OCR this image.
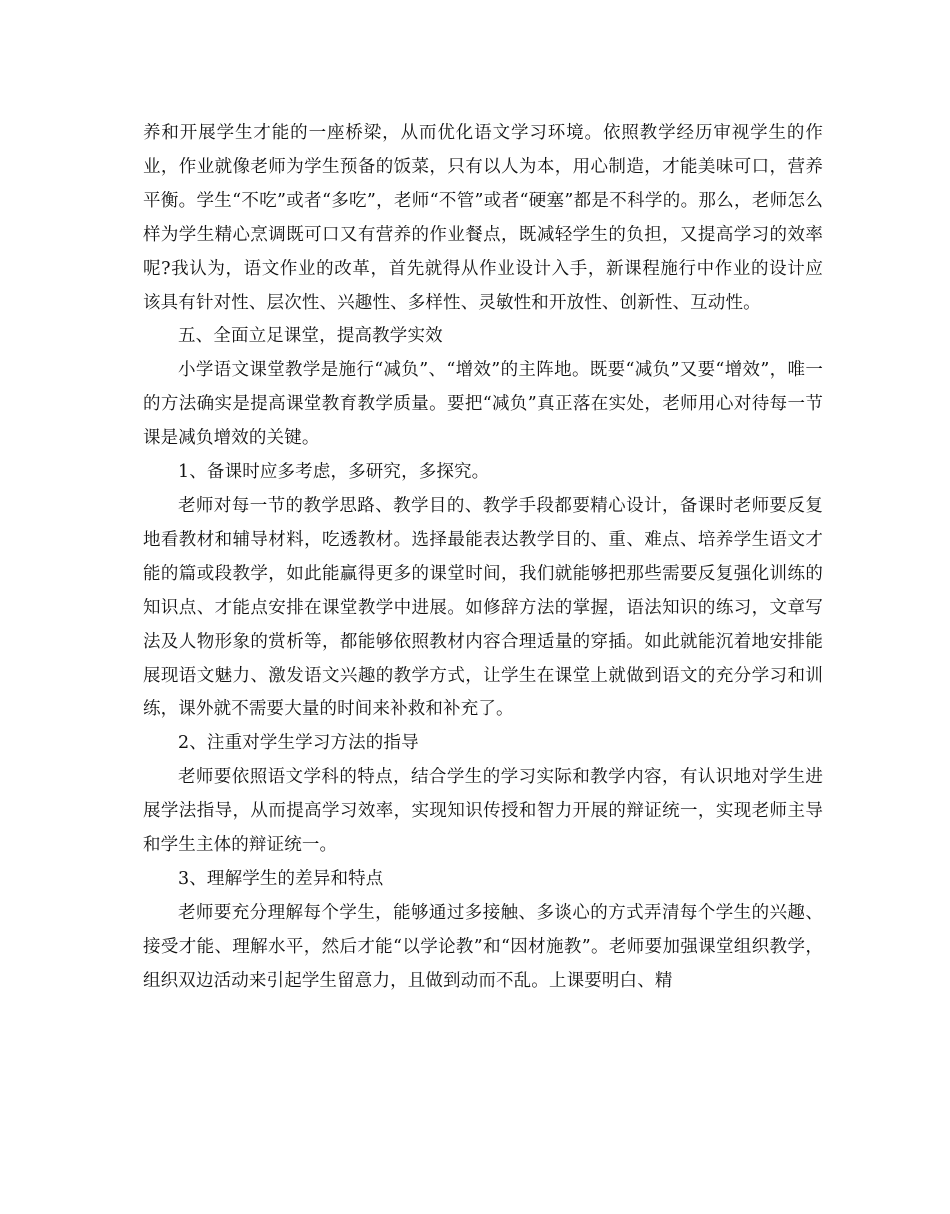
养和开展学生才能的一座桥梁，从而优化语文学习环境。依照教学经历审视学生的作业，作业就像老师为学生预备的饭菜，只有以人为本，用心制造，才能美味可口，营养平衡。学生“不吃”或者“多吃”，老师“不管”或者“硬塞”都是不科学的。那么，老师怎么样为学生精心烹调既可口又有营养的作业餐点，既减轻学生的负担，又提高学习的效率呢?我认为，语文作业的改革，首先就得从作业设计入手，新课程施行中作业的设计应该具有针对性、层次性、兴趣性、多样性、灵敏性和开放性、创新性、互动性。

五、全面立足课堂，提高教学实效

小学语文课堂教学是施行“减负”、“增效”的主阵地。既要“减负”又要“增效”，唯一的方法确实是提高课堂教育教学质量。要把“减负”真正落在实处，老师用心对待每一节课是减负增效的关键。

1、备课时应多考虑，多研究，多探究。

老师对每一节的教学思路、教学目的、教学手段都要精心设计，备课时老师要反复地看教材和辅导材料，吃透教材。选择最能表达教学目的、重、难点、培养学生语文才能的篇或段教学，如此能赢得更多的课堂时间，我们就能够把那些需要反复强化训练的知识点、才能点安排在课堂教学中进展。如修辞方法的掌握，语法知识的练习，文章写法及人物形象的赏析等，都能够依照教材内容合理适量的穿插。如此就能沉着地安排能展现语文魅力、激发语文兴趣的教学方式，让学生在课堂上就做到语文的充分学习和训练，课外就不需要大量的时间来补救和补充了。

2、注重对学生学习方法的指导

老师要依照语文学科的特点，结合学生的学习实际和教学内容，有认识地对学生进展学法指导，从而提高学习效率，实现知识传授和智力开展的辩证统一，实现老师主导和学生主体的辩证统一。

3、理解学生的差异和特点

老师要充分理解每个学生，能够通过多接触、多谈心的方式弄清每个学生的兴趣、接受才能、理解水平，然后才能“以学论教”和“因材施教”。老师要加强课堂组织教学，组织双边活动来引起学生留意力，且做到动而不乱。上课要明白、精
